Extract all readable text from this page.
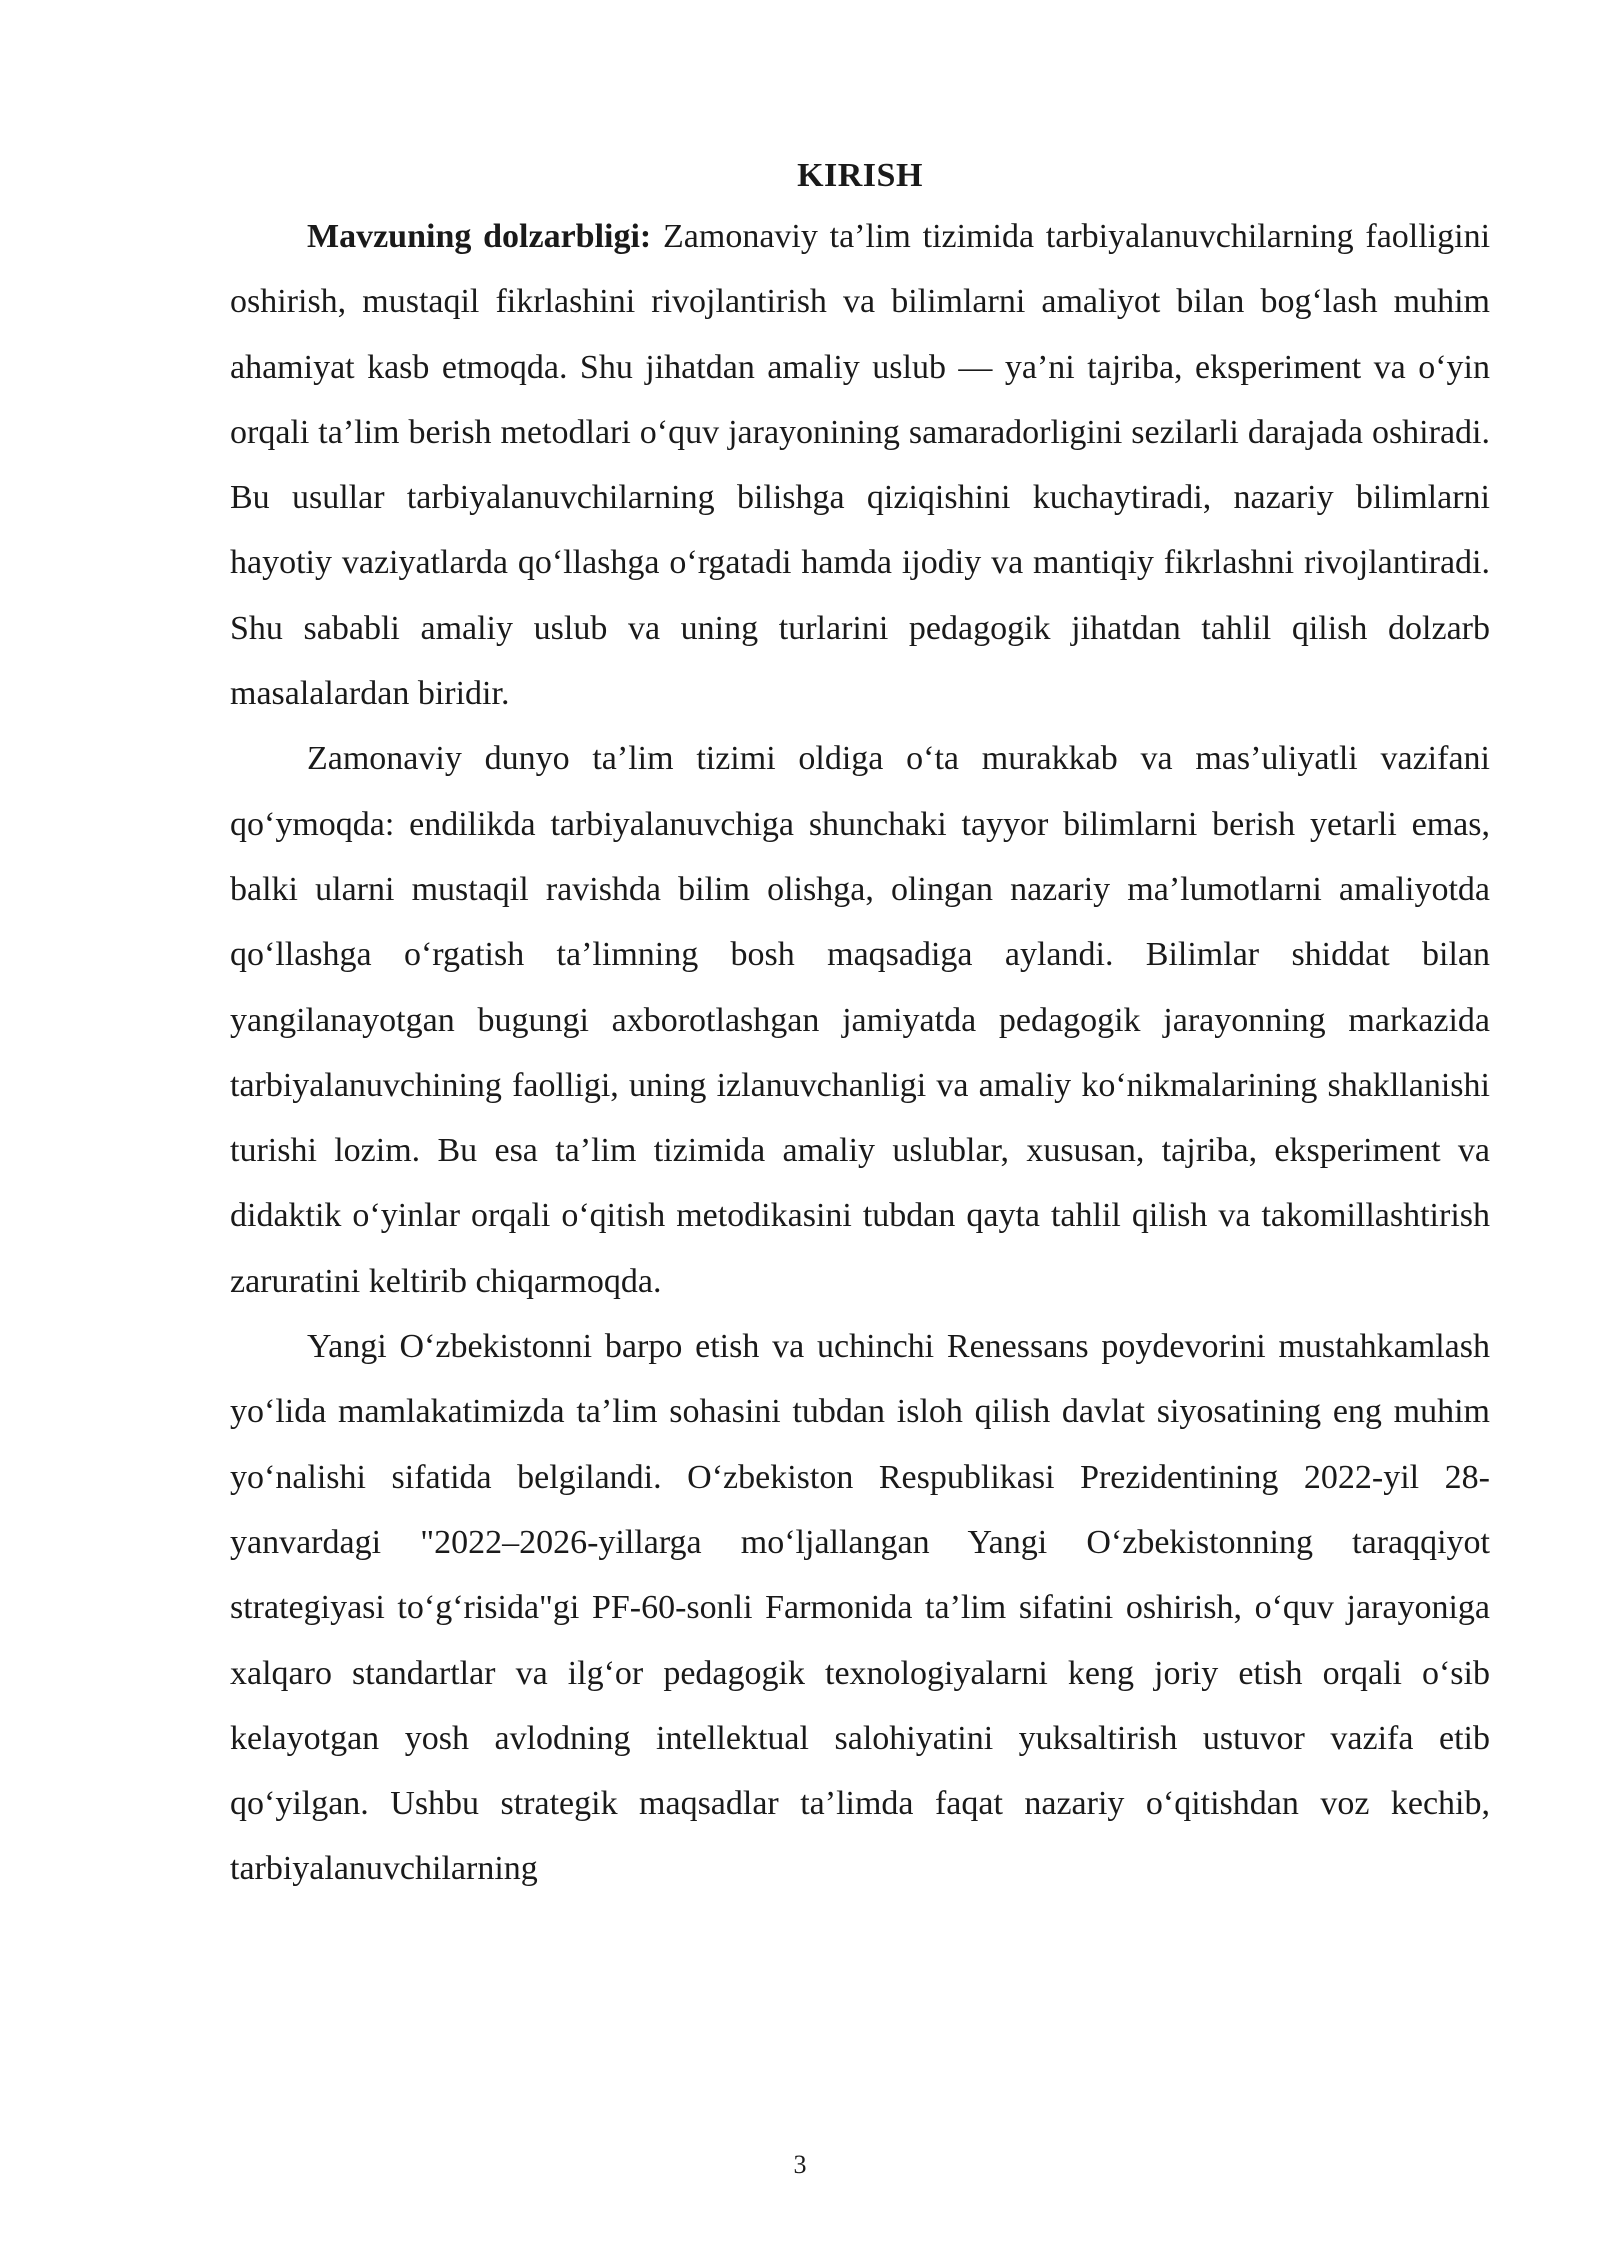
KIRISH

Mavzuning dolzarbligi: Zamonaviy ta’lim tizimida tarbiyalanuvchilarning faolligini oshirish, mustaqil fikrlashini rivojlantirish va bilimlarni amaliyot bilan bog‘lash muhim ahamiyat kasb etmoqda. Shu jihatdan amaliy uslub — ya’ni tajriba, eksperiment va o‘yin orqali ta’lim berish metodlari o‘quv jarayonining samaradorligini sezilarli darajada oshiradi. Bu usullar tarbiyalanuvchilarning bilishga qiziqishini kuchaytiradi, nazariy bilimlarni hayotiy vaziyatlarda qo‘llashga o‘rgatadi hamda ijodiy va mantiqiy fikrlashni rivojlantiradi. Shu sababli amaliy uslub va uning turlarini pedagogik jihatdan tahlil qilish dolzarb masalalardan biridir.

Zamonaviy dunyo ta’lim tizimi oldiga o‘ta murakkab va mas’uliyatli vazifani qo‘ymoqda: endilikda tarbiyalanuvchiga shunchaki tayyor bilimlarni berish yetarli emas, balki ularni mustaqil ravishda bilim olishga, olingan nazariy ma’lumotlarni amaliyotda qo‘llashga o‘rgatish ta’limning bosh maqsadiga aylandi. Bilimlar shiddat bilan yangilanayotgan bugungi axborotlashgan jamiyatda pedagogik jarayonning markazida tarbiyalanuvchining faolligi, uning izlanuvchanligi va amaliy ko‘nikmalarining shakllanishi turishi lozim. Bu esa ta’lim tizimida amaliy uslublar, xususan, tajriba, eksperiment va didaktik o‘yinlar orqali o‘qitish metodikasini tubdan qayta tahlil qilish va takomillashtirish zaruratini keltirib chiqarmoqda.

Yangi O‘zbekistonni barpo etish va uchinchi Renessans poydevorini mustahkamlash yo‘lida mamlakatimizda ta’lim sohasini tubdan isloh qilish davlat siyosatining eng muhim yo‘nalishi sifatida belgilandi. O‘zbekiston Respublikasi Prezidentining 2022-yil 28-yanvardagi "2022–2026-yillarga mo‘ljallangan Yangi O‘zbekistonning taraqqiyot strategiyasi to‘g‘risida"gi PF-60-sonli Farmonida ta’lim sifatini oshirish, o‘quv jarayoniga xalqaro standartlar va ilg‘or pedagogik texnologiyalarni keng joriy etish orqali o‘sib kelayotgan yosh avlodning intellektual salohiyatini yuksaltirish ustuvor vazifa etib qo‘yilgan. Ushbu strategik maqsadlar ta’limda faqat nazariy o‘qitishdan voz kechib, tarbiyalanuvchilarning

3
